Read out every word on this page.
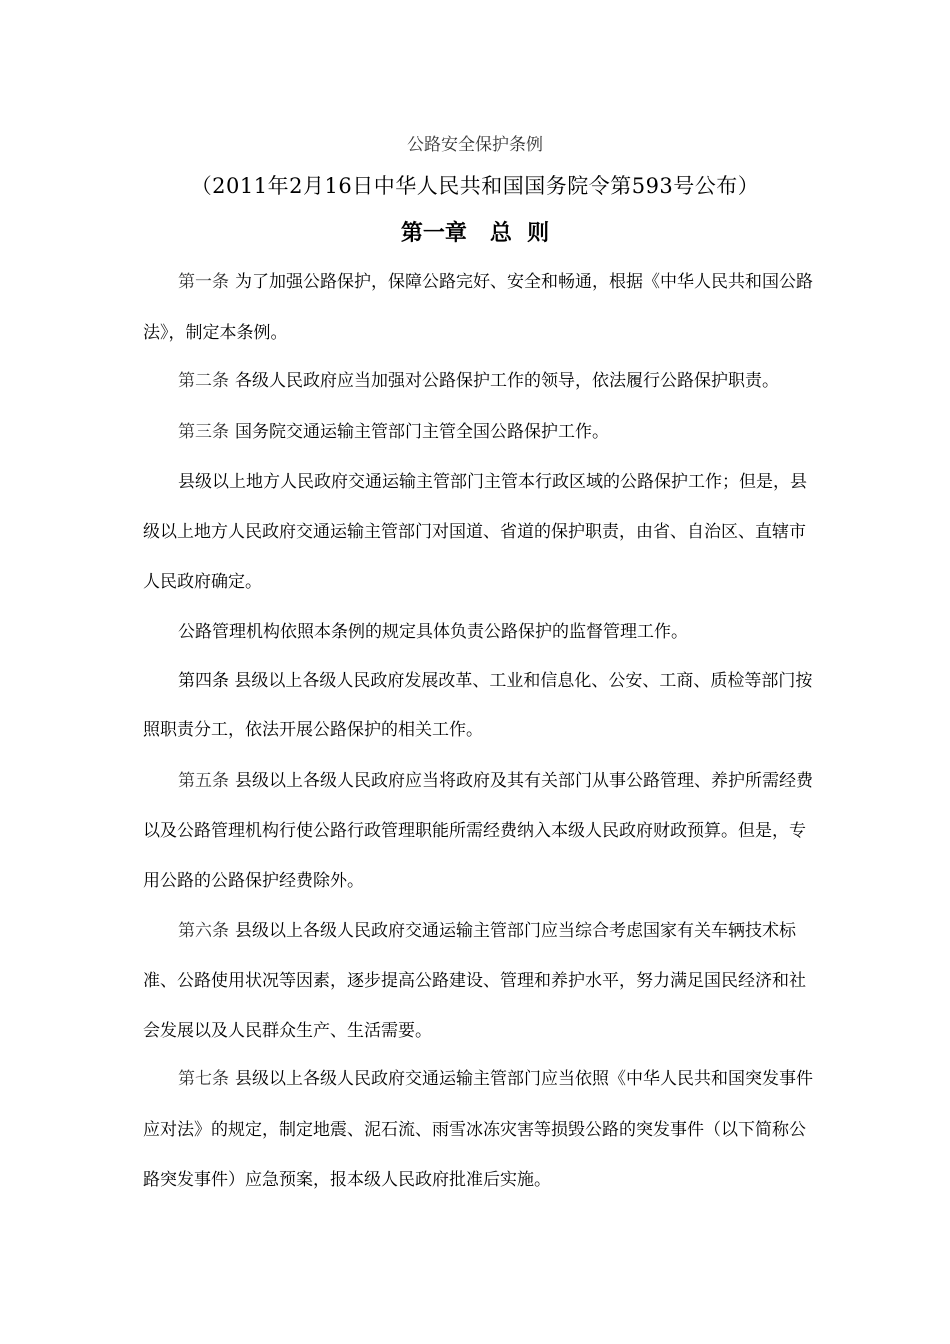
公路安全保护条例
（2011年2月16日中华人民共和国国务院令第593号公布）
第一章   总  则
第一条 为了加强公路保护，保障公路完好、安全和畅通，根据《中华人民共和国公路
法》，制定本条例。
第二条 各级人民政府应当加强对公路保护工作的领导，依法履行公路保护职责。
第三条 国务院交通运输主管部门主管全国公路保护工作。
县级以上地方人民政府交通运输主管部门主管本行政区域的公路保护工作；但是，县
级以上地方人民政府交通运输主管部门对国道、省道的保护职责，由省、自治区、直辖市
人民政府确定。
公路管理机构依照本条例的规定具体负责公路保护的监督管理工作。
第四条 县级以上各级人民政府发展改革、工业和信息化、公安、工商、质检等部门按
照职责分工，依法开展公路保护的相关工作。
第五条 县级以上各级人民政府应当将政府及其有关部门从事公路管理、养护所需经费
以及公路管理机构行使公路行政管理职能所需经费纳入本级人民政府财政预算。但是，专
用公路的公路保护经费除外。
第六条 县级以上各级人民政府交通运输主管部门应当综合考虑国家有关车辆技术标
准、公路使用状况等因素，逐步提高公路建设、管理和养护水平，努力满足国民经济和社
会发展以及人民群众生产、生活需要。
第七条 县级以上各级人民政府交通运输主管部门应当依照《中华人民共和国突发事件
应对法》的规定，制定地震、泥石流、雨雪冰冻灾害等损毁公路的突发事件（以下简称公
路突发事件）应急预案，报本级人民政府批准后实施。
